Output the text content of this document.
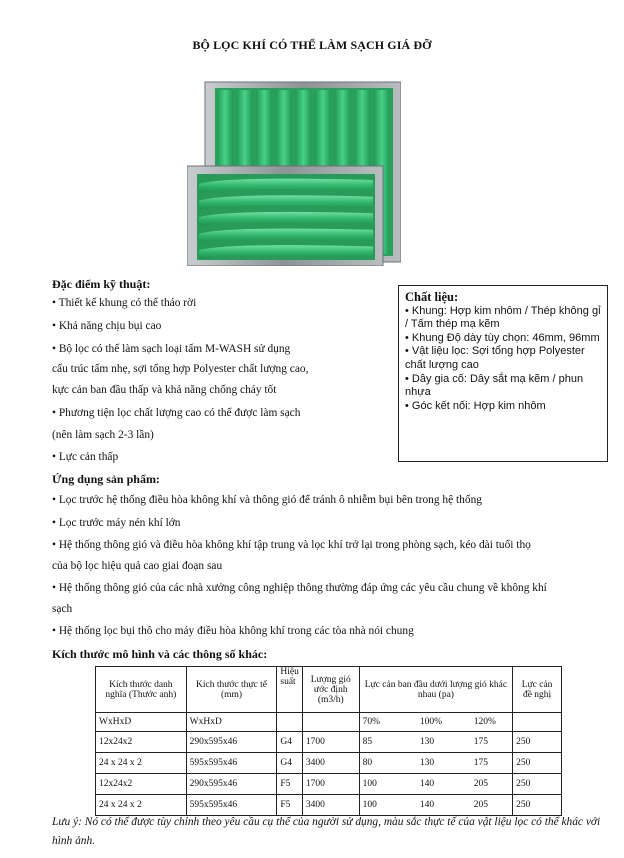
BỘ LỌC KHÍ CÓ THỂ LÀM SẠCH GIÁ ĐỠ
Đặc điểm kỹ thuật:
• Thiết kế khung có thể tháo rời
• Khả năng chịu bụi cao
• Bộ lọc có thể làm sạch loại tấm M-WASH sử dụng
cấu trúc tấm nhẹ, sợi tổng hợp Polyester chất lượng cao,
kực cản ban đầu thấp và khả năng chống cháy tốt
• Phương tiện lọc chất lượng cao có thể được làm sạch
(nên làm sạch 2-3 lần)
• Lực cản thấp
Chất liệu:
• Khung: Hợp kim nhôm / Thép không gỉ / Tấm thép mạ kẽm
• Khung Độ dày tùy chọn: 46mm, 96mm
• Vật liệu lọc: Sợi tổng hợp Polyester chất lượng cao
• Dây gia cố: Dây sắt mạ kẽm / phun nhựa
• Góc kết nối: Hợp kim nhôm
Ứng dụng sản phẩm:
• Lọc trước hệ thống điều hòa không khí và thông gió để tránh ô nhiễm bụi bên trong hệ thống
• Lọc trước máy nén khí lớn
• Hệ thống thông gió và điều hòa không khí tập trung và lọc khí trở lại trong phòng sạch, kéo dài tuổi thọ
của bộ lọc hiệu quả cao giai đoạn sau
• Hệ thống thông gió của các nhà xưởng công nghiệp thông thường đáp ứng các yêu cầu chung về không khí
sạch
• Hệ thống lọc bụi thô cho máy điều hòa không khí trong các tòa nhà nói chung
Kích thước mô hình và các thông số khác:
Kích thước danh nghĩa (Thước anh)	Kích thước thực tế (mm)	Hiệu suất	Lượng gió ước định (m3/h)	Lực cản ban đầu dưới lượng gió khác nhau (pa)			Lực cản đề nghị
WxHxD	WxHxD			70%	100%	120%	
12x24x2	290x595x46	G4	1700	85	130	175	250
24 x 24 x 2	595x595x46	G4	3400	80	130	175	250
12x24x2	290x595x46	F5	1700	100	140	205	250
24 x 24 x 2	595x595x46	F5	3400	100	140	205	250
Lưu ý: Nó có thể được tùy chỉnh theo yêu cầu cụ thể của người sử dụng, màu sắc thực tế của vật liệu lọc có thể khác với hình ảnh.
